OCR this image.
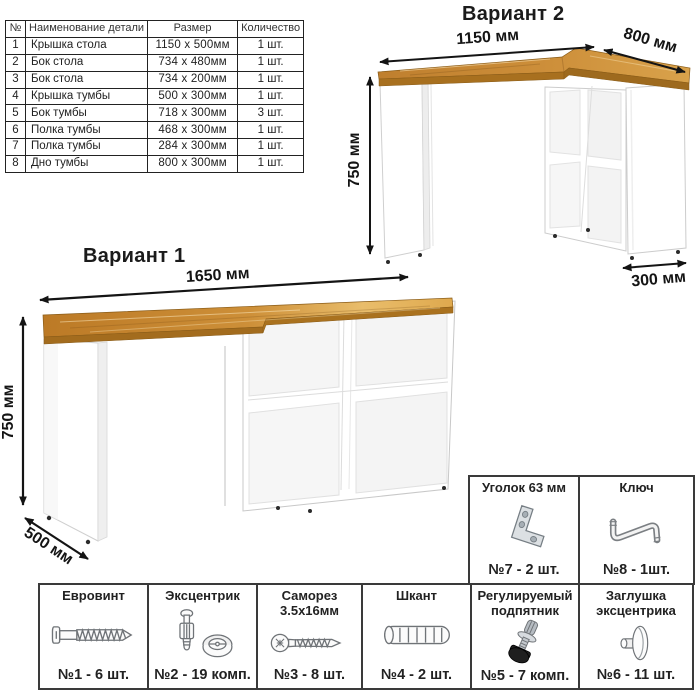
№	Наименование детали	Размер	Количество
1	Крышка стола	1150 x 500мм	1 шт.
2	Бок стола	734 x 480мм	1 шт.
3	Бок стола	734 x 200мм	1 шт.
4	Крышка тумбы	500 x 300мм	1 шт.
5	Бок тумбы	718 x 300мм	3 шт.
6	Полка тумбы	468 x 300мм	1 шт.
7	Полка тумбы	284 x 300мм	1 шт.
8	Дно тумбы	800 x 300мм	1 шт.
Вариант 2
1150 мм	800 мм
750 мм
300 мм
Вариант 1
1650 мм
750 мм
500 мм
Уголок 63 мм
№7 - 2 шт.
Ключ
№8 - 1шт.
Евровинт
№1 - 6 шт.
Эксцентрик
№2 - 19 комп.
Саморез 3.5x16мм
№3 - 8 шт.
Шкант
№4 - 2 шт.
Регулируемый подпятник
№5 - 7 комп.
Заглушка эксцентрика
№6 - 11 шт.
